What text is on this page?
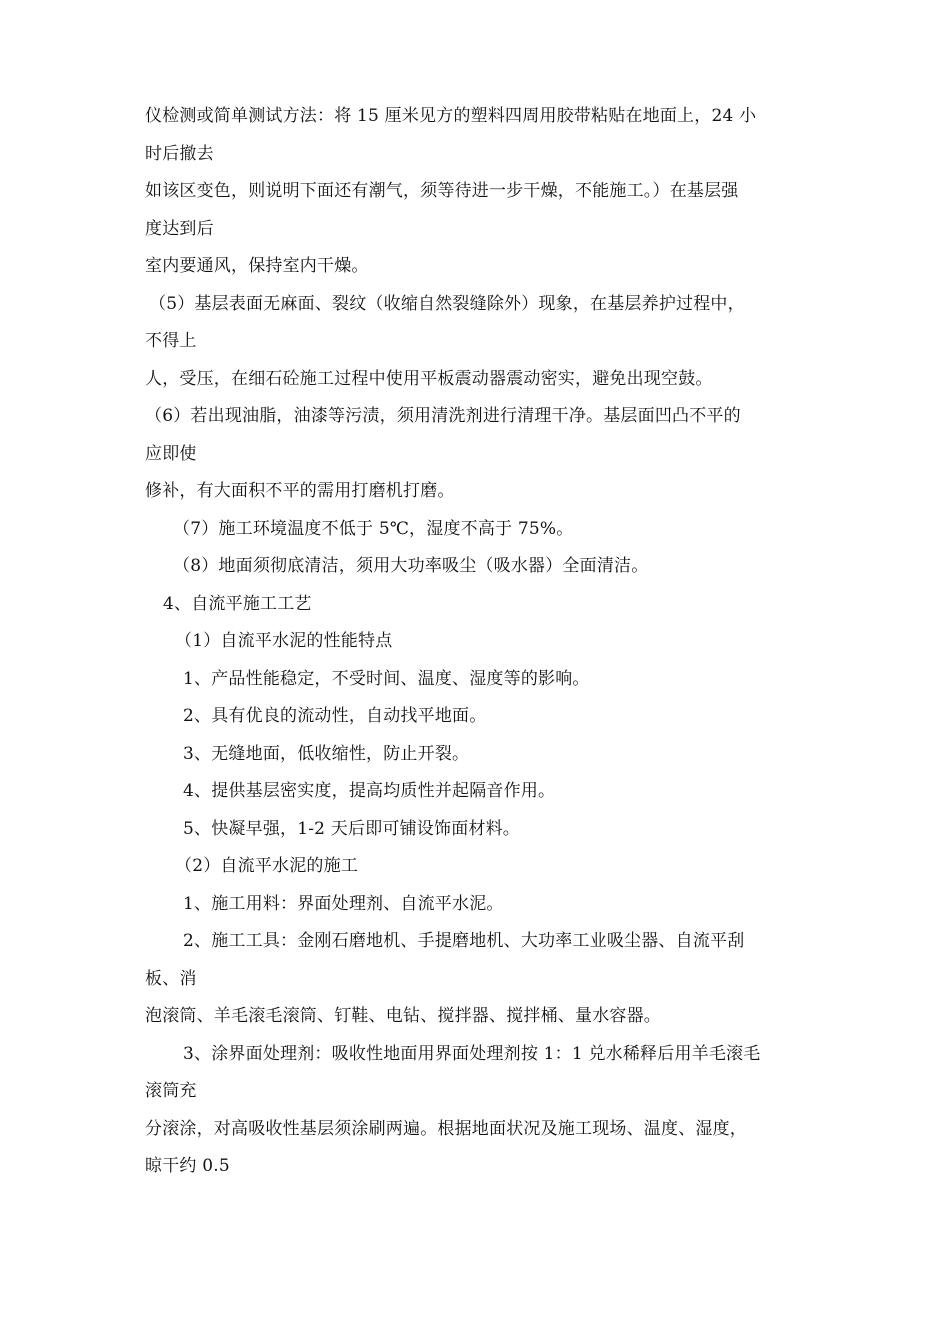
仪检测或简单测试方法：将 15 厘米见方的塑料四周用胶带粘贴在地面上，24 小
时后撤去
如该区变色，则说明下面还有潮气，须等待进一步干燥，不能施工。）在基层强
度达到后
室内要通风，保持室内干燥。
（5）基层表面无麻面、裂纹（收缩自然裂缝除外）现象，在基层养护过程中，
不得上
人，受压，在细石砼施工过程中使用平板震动器震动密实，避免出现空鼓。
（6）若出现油脂，油漆等污渍，须用清洗剂进行清理干净。基层面凹凸不平的
应即使
修补，有大面积不平的需用打磨机打磨。
（7）施工环境温度不低于 5℃，湿度不高于 75%。
（8）地面须彻底清洁，须用大功率吸尘（吸水器）全面清洁。
4、自流平施工工艺
（1）自流平水泥的性能特点
1、产品性能稳定，不受时间、温度、湿度等的影响。
2、具有优良的流动性，自动找平地面。
3、无缝地面，低收缩性，防止开裂。
4、提供基层密实度，提高均质性并起隔音作用。
5、快凝早强，1-2 天后即可铺设饰面材料。
（2）自流平水泥的施工
1、施工用料：界面处理剂、自流平水泥。
2、施工工具：金刚石磨地机、手提磨地机、大功率工业吸尘器、自流平刮
板、消
泡滚筒、羊毛滚毛滚筒、钉鞋、电钻、搅拌器、搅拌桶、量水容器。
3、涂界面处理剂：吸收性地面用界面处理剂按 1：1 兑水稀释后用羊毛滚毛
滚筒充
分滚涂，对高吸收性基层须涂刷两遍。根据地面状况及施工现场、温度、湿度，
晾干约 0.5
